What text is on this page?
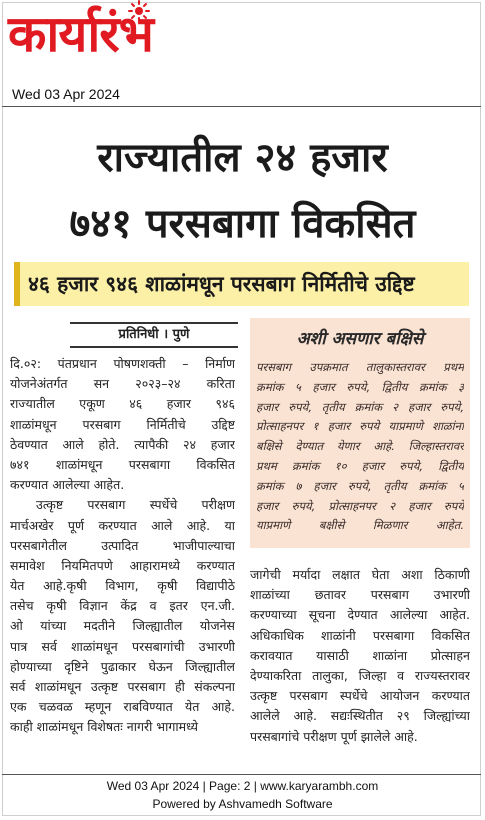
कार्यारंभ
Wed 03 Apr 2024
राज्यातील २४ हजार
७४१ परसबागा विकसित
४६ हजार ९४६ शाळांमधून परसबाग निर्मितीचे उद्दिष्ट
प्रतिनिधी । पुणे
दि.०२: पंतप्रधान पोषणशक्ती – निर्माण
योजनेअंतर्गत सन २०२३–२४ करिता
राज्यातील एकूण ४६ हजार ९४६
शाळांमधून परसबाग निर्मितीचे उद्दिष्ट
ठेवण्यात आले होते. त्यापैकी २४ हजार
७४१ शाळांमधून परसबागा विकसित
करण्यात आलेल्या आहेत.
उत्कृष्ट परसबाग स्पर्धेचे परीक्षण
मार्चअखेर पूर्ण करण्यात आले आहे. या
परसबागेतील उत्पादित भाजीपाल्याचा
समावेश नियमितपणे आहारामध्ये करण्यात
येत आहे.कृषी विभाग, कृषी विद्यापीठे
तसेच कृषी विज्ञान केंद्र व इतर एन.जी.
ओ यांच्या मदतीने जिल्ह्यातील योजनेस
पात्र सर्व शाळांमधून परसबागांची उभारणी
होण्याच्या दृष्टिने पुढाकार घेऊन जिल्ह्यातील
सर्व शाळांमधून उत्कृष्ट परसबाग ही संकल्पना
एक चळवळ म्हणून राबविण्यात येत आहे.
काही शाळांमधून विशेषतः नागरी भागामध्ये
अशी असणार बक्षिसे
परसबाग उपक्रमात तालुकास्तरावर प्रथम
क्रमांक ५ हजार रुपये, द्वितीय क्रमांक ३
हजार रुपये, तृतीय क्रमांक २ हजार रुपये,
प्रोत्साहनपर १ हजार रुपये याप्रमाणे शाळांना
बक्षिसे देण्यात येणार आहे. जिल्हास्तरावर
प्रथम क्रमांक १० हजार रुपये, द्वितीय
क्रमांक ७ हजार रुपये, तृतीय क्रमांक ५
हजार रुपये, प्रोत्साहनपर २ हजार रुपये
याप्रमाणे बक्षीसे मिळणार आहेत.
जागेची मर्यादा लक्षात घेता अशा ठिकाणी
शाळांच्या छतावर परसबाग उभारणी
करण्याच्या सूचना देण्यात आलेल्या आहेत.
अधिकाधिक शाळांनी परसबागा विकसित
करावयात यासाठी शाळांना प्रोत्साहन
देण्याकरिता तालुका, जिल्हा व राज्यस्तरावर
उत्कृष्ट परसबाग स्पर्धेचे आयोजन करण्यात
आलेले आहे. सद्यःस्थितीत २९ जिल्ह्यांच्या
परसबागांचे परीक्षण पूर्ण झालेले आहे.
Wed 03 Apr 2024 | Page: 2 | www.karyarambh.com
Powered by Ashvamedh Software
